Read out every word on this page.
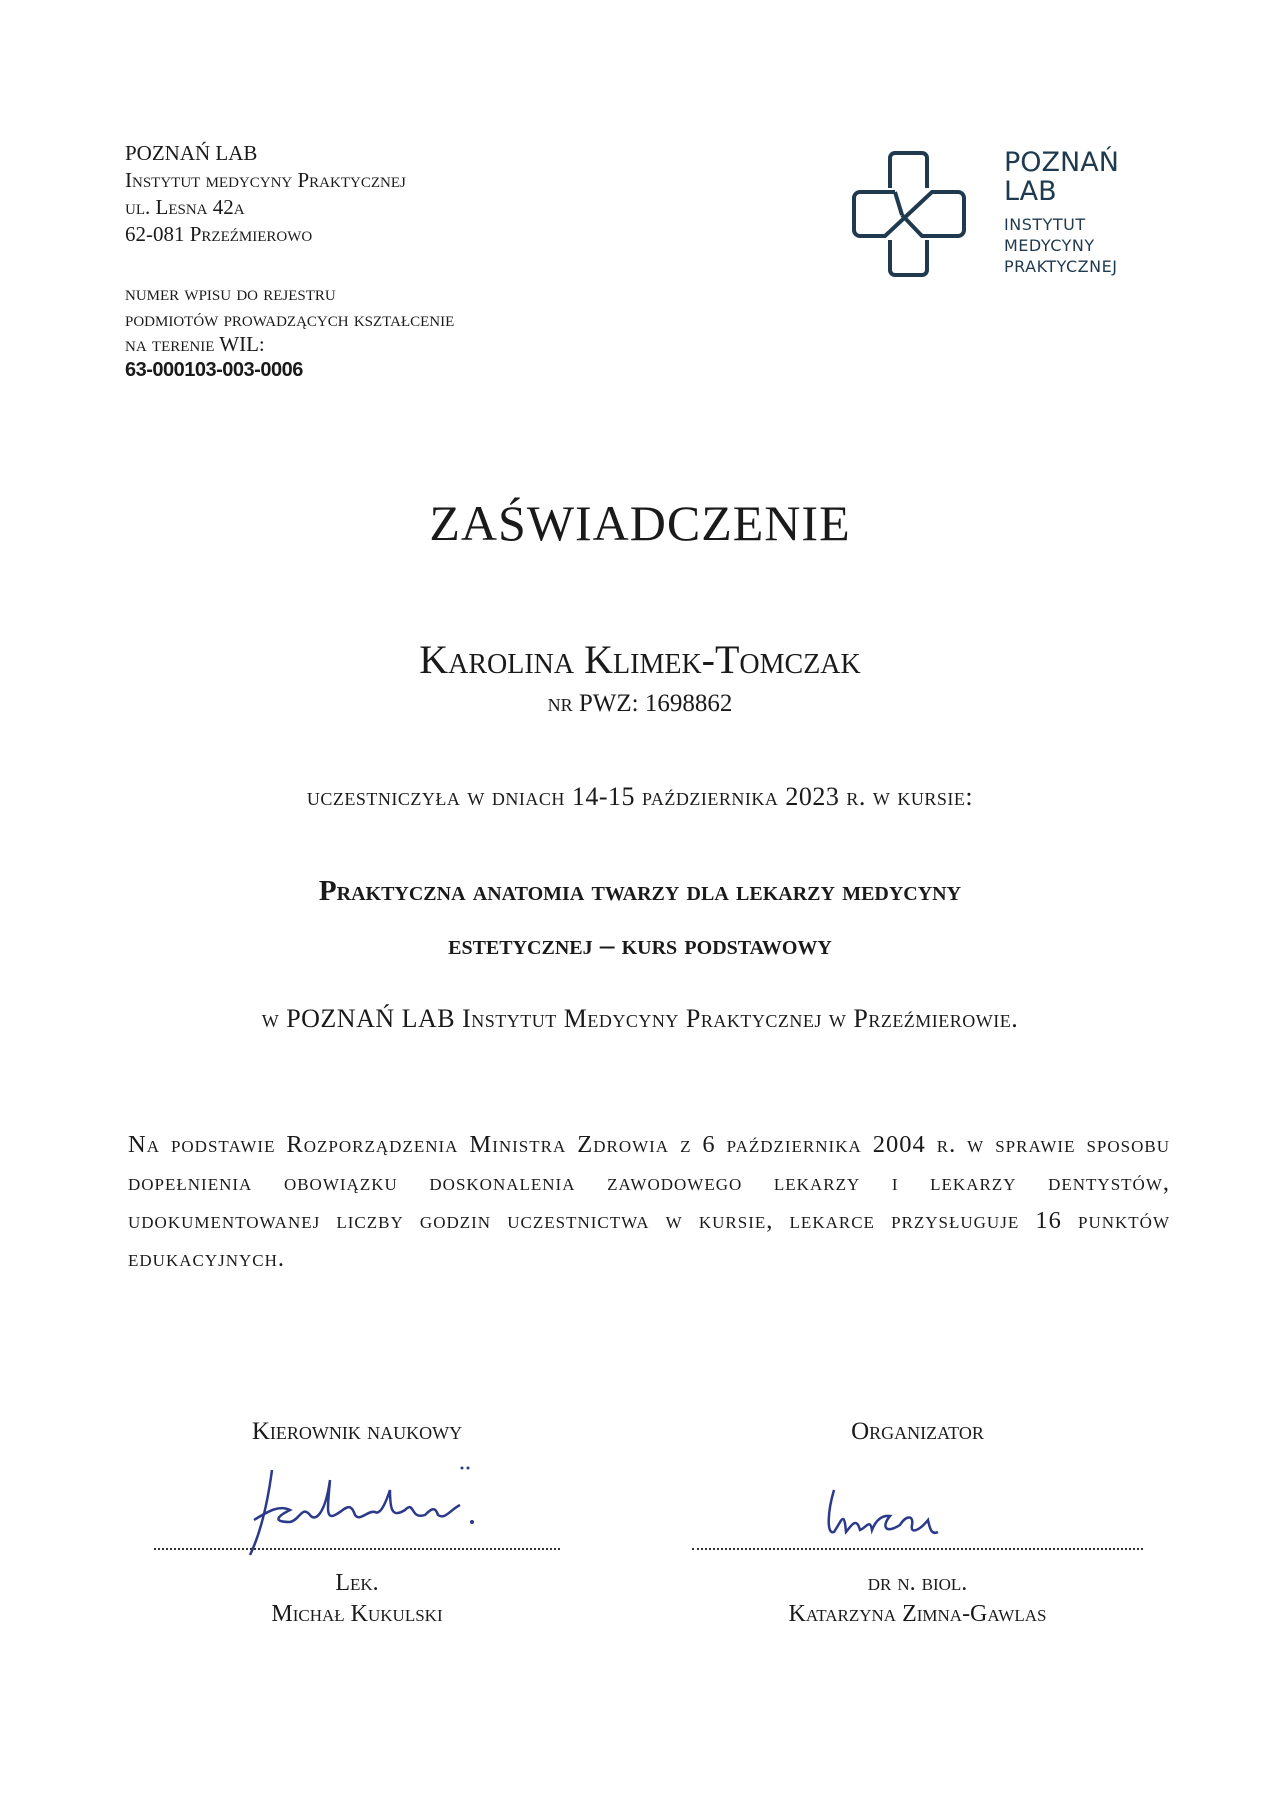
POZNAŃ LAB
Instytut medycyny Praktycznej
ul. Lesna 42a
62-081 Przeźmierowo
numer wpisu do rejestru
podmiotów prowadzących kształcenie
na terenie WIL:
63-000103-003-0006
POZNAŃ
LAB
INSTYTUT
MEDYCYNY
PRAKTYCZNEJ
ZAŚWIADCZENIE
Karolina Klimek-Tomczak
nr PWZ: 1698862
uczestniczyła w dniach 14-15 października 2023 r. w kursie:
Praktyczna anatomia twarzy dla lekarzy medycyny
estetycznej – kurs podstawowy
w POZNAŃ LAB Instytut Medycyny Praktycznej w Przeźmierowie.
Na podstawie Rozporządzenia Ministra Zdrowia z 6 października 2004 r. w sprawie sposobu dopełnienia obowiązku doskonalenia zawodowego lekarzy i lekarzy dentystów, udokumentowanej liczby godzin uczestnictwa w kursie, lekarce przysługuje 16 punktów edukacyjnych.
Kierownik naukowy	Organizator
Lek.
Michał Kukulski
dr n. biol.
Katarzyna Zimna-Gawlas
